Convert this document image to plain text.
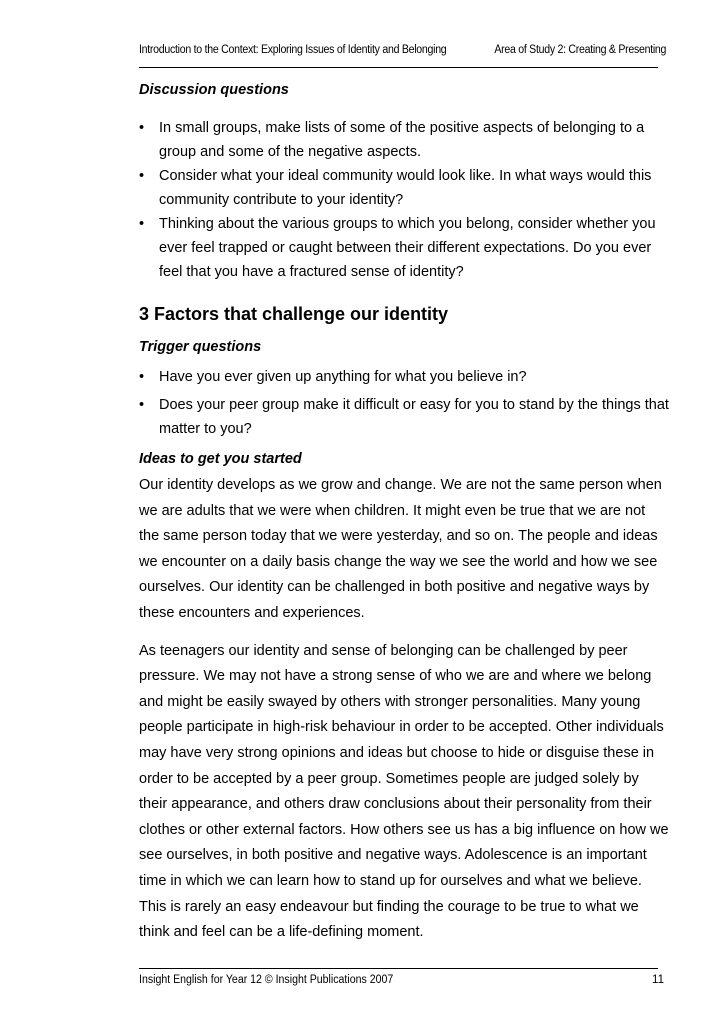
Introduction to the Context: Exploring Issues of Identity and Belonging	Area of Study 2: Creating & Presenting
Discussion questions
•	In small groups, make lists of some of the positive aspects of belonging to a group and some of the negative aspects.
•	Consider what your ideal community would look like. In what ways would this community contribute to your identity?
•	Thinking about the various groups to which you belong, consider whether you ever feel trapped or caught between their different expectations. Do you ever feel that you have a fractured sense of identity?
3 Factors that challenge our identity
Trigger questions
•	Have you ever given up anything for what you believe in?
•	Does your peer group make it difficult or easy for you to stand by the things that matter to you?
Ideas to get you started

Our identity develops as we grow and change. We are not the same person when we are adults that we were when children. It might even be true that we are not the same person today that we were yesterday, and so on. The people and ideas we encounter on a daily basis change the way we see the world and how we see ourselves. Our identity can be challenged in both positive and negative ways by these encounters and experiences.

As teenagers our identity and sense of belonging can be challenged by peer pressure. We may not have a strong sense of who we are and where we belong and might be easily swayed by others with stronger personalities. Many young people participate in high-risk behaviour in order to be accepted. Other individuals may have very strong opinions and ideas but choose to hide or disguise these in order to be accepted by a peer group. Sometimes people are judged solely by their appearance, and others draw conclusions about their personality from their clothes or other external factors. How others see us has a big influence on how we see ourselves, in both positive and negative ways. Adolescence is an important time in which we can learn how to stand up for ourselves and what we believe. This is rarely an easy endeavour but finding the courage to be true to what we think and feel can be a life-defining moment.

Insight English for Year 12 © Insight Publications 2007	11
